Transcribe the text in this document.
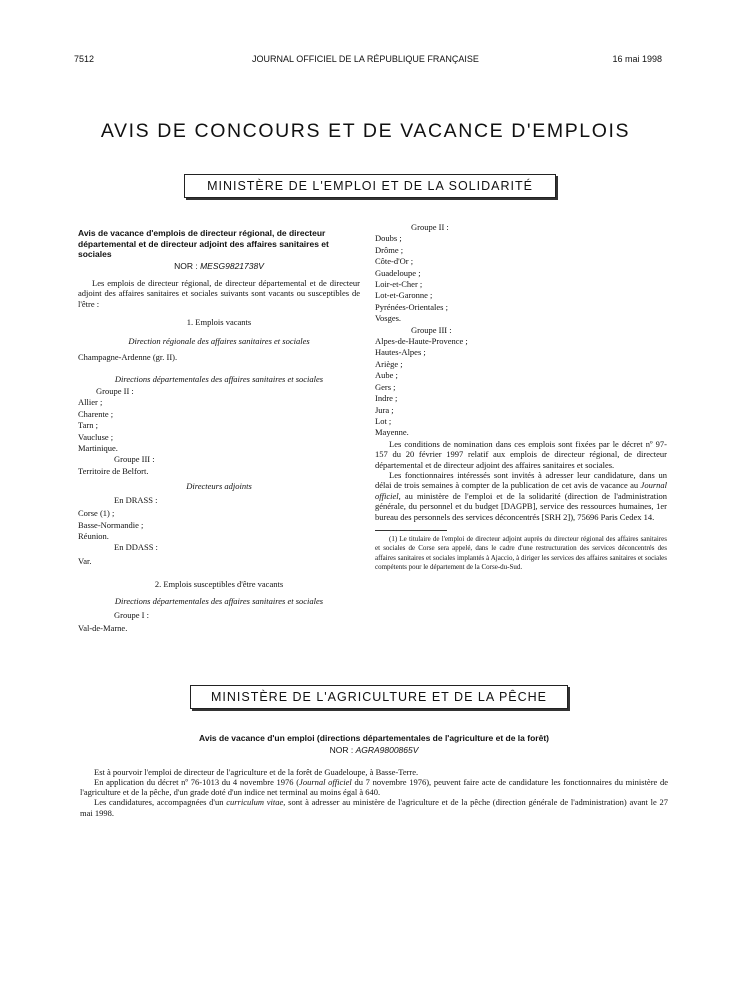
7512	JOURNAL OFFICIEL DE LA RÉPUBLIQUE FRANÇAISE	16 mai 1998
AVIS DE CONCOURS ET DE VACANCE D'EMPLOIS
MINISTÈRE DE L'EMPLOI ET DE LA SOLIDARITÉ

Avis de vacance d'emplois de directeur régional, de directeur départemental et de directeur adjoint des affaires sanitaires et sociales

NOR : MESG9821738V

Les emplois de directeur régional, de directeur départemental et de directeur adjoint des affaires sanitaires et sociales suivants sont vacants ou susceptibles de l'être :

1. Emplois vacants

Direction régionale des affaires sanitaires et sociales

Champagne-Ardenne (gr. II).

Directions départementales des affaires sanitaires et sociales

Groupe II :

Allier ;

Charente ;

Tarn ;

Vaucluse ;

Martinique.

Groupe III :

Territoire de Belfort.

Directeurs adjoints

En DRASS :

Corse (1) ;

Basse-Normandie ;

Réunion.

En DDASS :

Var.

2. Emplois susceptibles d'être vacants

Directions départementales des affaires sanitaires et sociales

Groupe I :

Val-de-Marne.

Groupe II :

Doubs ;

Drôme ;

Côte-d'Or ;

Guadeloupe ;

Loir-et-Cher ;

Lot-et-Garonne ;

Pyrénées-Orientales ;

Vosges.

Groupe III :

Alpes-de-Haute-Provence ;

Hautes-Alpes ;

Ariège ;

Aube ;

Gers ;

Indre ;

Jura ;

Lot ;

Mayenne.

Les conditions de nomination dans ces emplois sont fixées par le décret nº 97-157 du 20 février 1997 relatif aux emplois de directeur régional, de directeur départemental et de directeur adjoint des affaires sanitaires et sociales.

Les fonctionnaires intéressés sont invités à adresser leur candidature, dans un délai de trois semaines à compter de la publication de cet avis de vacance au Journal officiel, au ministère de l'emploi et de la solidarité (direction de l'administration générale, du personnel et du budget [DAGPB], service des ressources humaines, 1er bureau des personnels des services déconcentrés [SRH 2]), 75696 Paris Cedex 14.

(1) Le titulaire de l'emploi de directeur adjoint auprès du directeur régional des affaires sanitaires et sociales de Corse sera appelé, dans le cadre d'une restructuration des services déconcentrés des affaires sanitaires et sociales implantés à Ajaccio, à diriger les services des affaires sanitaires et sociales compétents pour le département de la Corse-du-Sud.

MINISTÈRE DE L'AGRICULTURE ET DE LA PÊCHE

Avis de vacance d'un emploi (directions départementales de l'agriculture et de la forêt)

NOR : AGRA9800865V

Est à pourvoir l'emploi de directeur de l'agriculture et de la forêt de Guadeloupe, à Basse-Terre.

En application du décret nº 76-1013 du 4 novembre 1976 (Journal officiel du 7 novembre 1976), peuvent faire acte de candidature les fonctionnaires du ministère de l'agriculture et de la pêche, d'un grade doté d'un indice net terminal au moins égal à 640.

Les candidatures, accompagnées d'un curriculum vitae, sont à adresser au ministère de l'agriculture et de la pêche (direction générale de l'administration) avant le 27 mai 1998.
